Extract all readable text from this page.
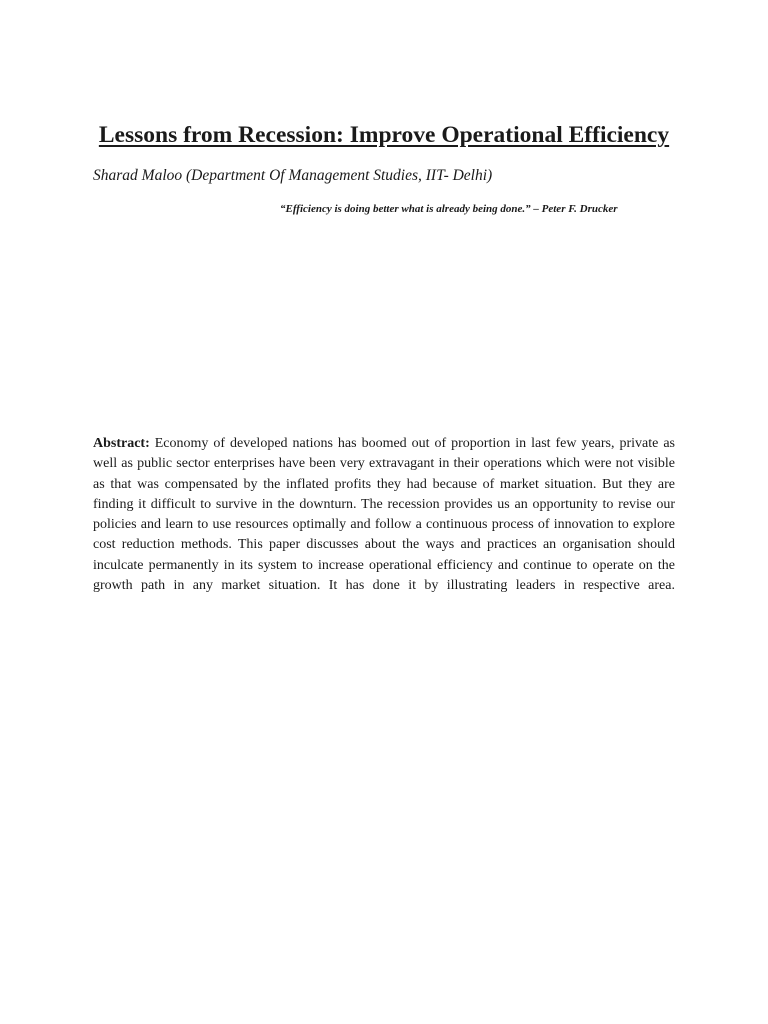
Lessons from Recession: Improve Operational Efficiency

Sharad Maloo (Department Of Management Studies, IIT- Delhi)

“Efficiency is doing better what is already being done.” – Peter F. Drucker

Abstract: Economy of developed nations has boomed out of proportion in last few years, private as well as public sector enterprises have been very extravagant in their operations which were not visible as that was compensated by the inflated profits they had because of market situation. But they are finding it difficult to survive in the downturn. The recession provides us an opportunity to revise our policies and learn to use resources optimally and follow a continuous process of innovation to explore cost reduction methods. This paper discusses about the ways and practices an organisation should inculcate permanently in its system to increase operational efficiency and continue to operate on the growth path in any market situation. It has done it by illustrating leaders in respective area.
